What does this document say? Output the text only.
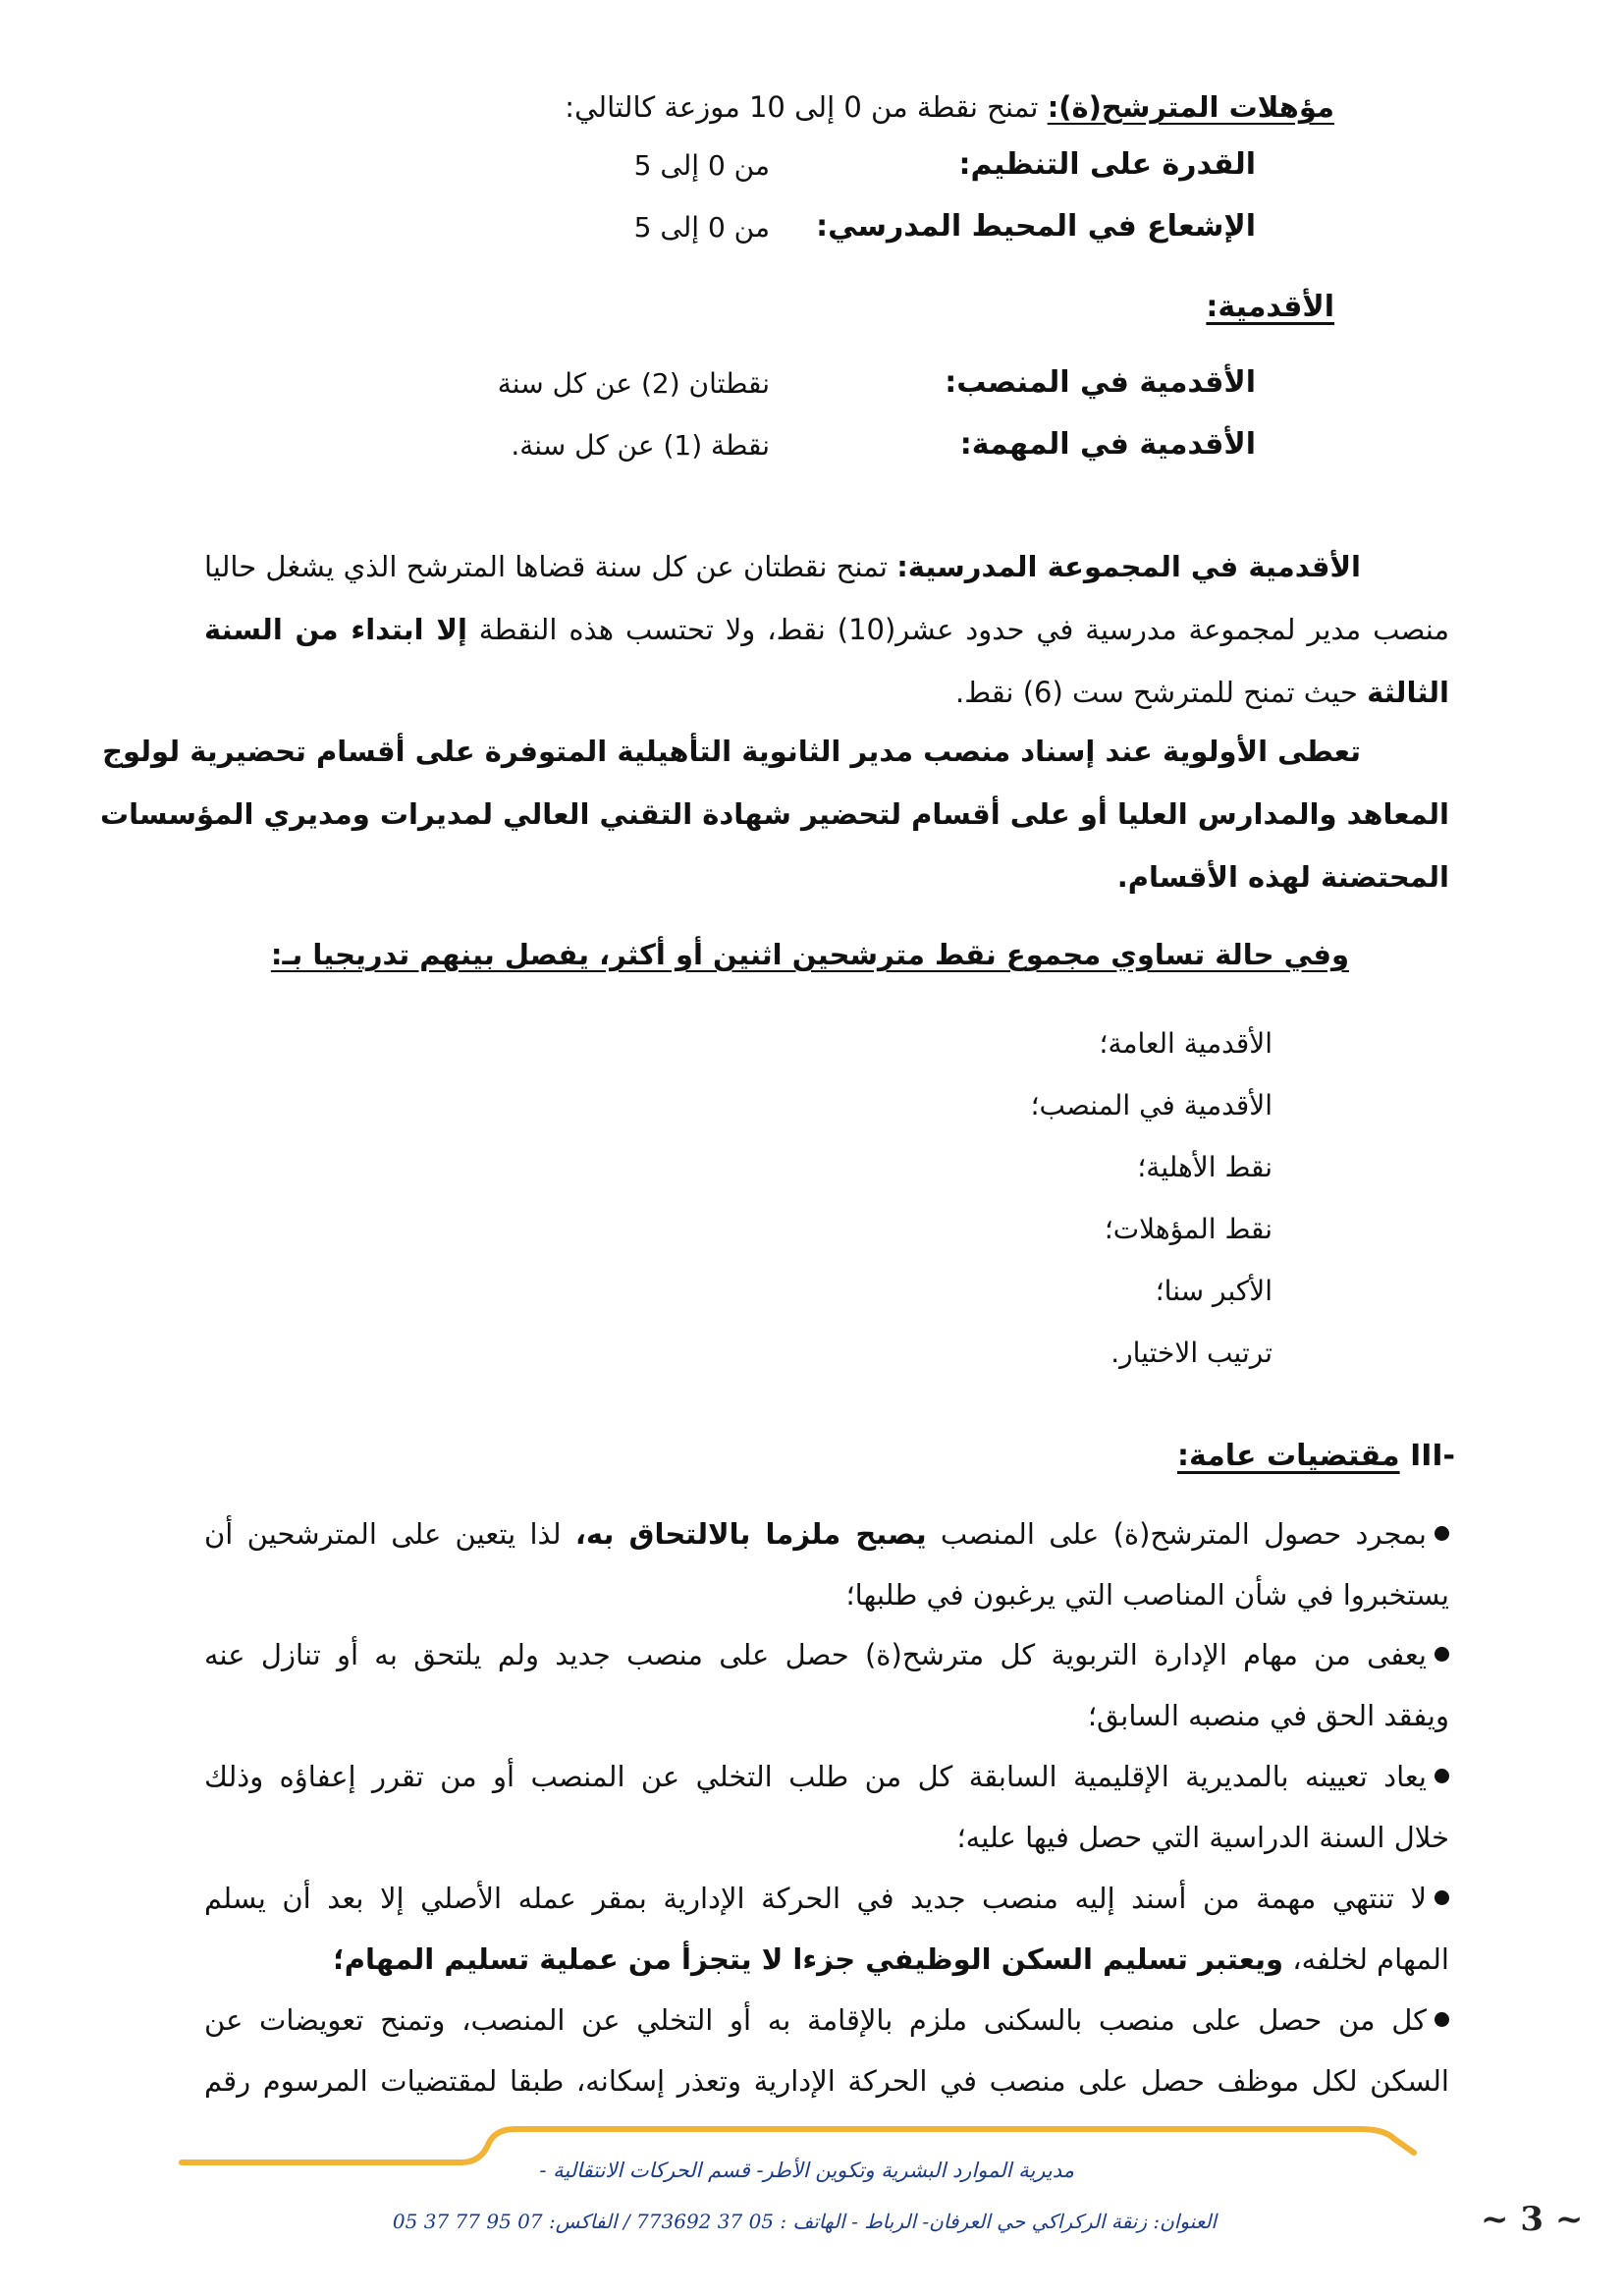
مؤهلات المترشح(ة): تمنح نقطة من 0 إلى 10 موزعة كالتالي:
القدرة على التنظيم:
من 0 إلى 5
الإشعاع في المحيط المدرسي:
من 0 إلى 5
الأقدمية:
الأقدمية في المنصب:
نقطتان (2) عن كل سنة
الأقدمية في المهمة:
نقطة (1) عن كل سنة.
الأقدمية في المجموعة المدرسية: تمنح نقطتان عن كل سنة قضاها المترشح الذي يشغل حاليا
منصب مدير لمجموعة مدرسية في حدود عشر(10) نقط، ولا تحتسب هذه النقطة إلا ابتداء من السنة
الثالثة حيث تمنح للمترشح ست (6) نقط.
تعطى الأولوية عند إسناد منصب مدير الثانوية التأهيلية المتوفرة على أقسام تحضيرية لولوج
المعاهد والمدارس العليا أو على أقسام لتحضير شهادة التقني العالي لمديرات ومديري المؤسسات
المحتضنة لهذه الأقسام.
وفي حالة تساوي مجموع نقط مترشحين اثنين أو أكثر، يفصل بينهم تدريجيا بـ:
الأقدمية العامة؛
الأقدمية في المنصب؛
نقط الأهلية؛
نقط المؤهلات؛
الأكبر سنا؛
ترتيب الاختيار.
III- مقتضيات عامة:
بمجرد حصول المترشح(ة) على المنصب يصبح ملزما بالالتحاق به، لذا يتعين على المترشحين أن
يستخبروا في شأن المناصب التي يرغبون في طلبها؛
يعفى من مهام الإدارة التربوية كل مترشح(ة) حصل على منصب جديد ولم يلتحق به أو تنازل عنه
ويفقد الحق في منصبه السابق؛
يعاد تعيينه بالمديرية الإقليمية السابقة كل من طلب التخلي عن المنصب أو من تقرر إعفاؤه وذلك
خلال السنة الدراسية التي حصل فيها عليه؛
لا تنتهي مهمة من أسند إليه منصب جديد في الحركة الإدارية بمقر عمله الأصلي إلا بعد أن يسلم
المهام لخلفه، ويعتبر تسليم السكن الوظيفي جزءا لا يتجزأ من عملية تسليم المهام؛
كل من حصل على منصب بالسكنى ملزم بالإقامة به أو التخلي عن المنصب، وتمنح تعويضات عن
السكن لكل موظف حصل على منصب في الحركة الإدارية وتعذر إسكانه، طبقا لمقتضيات المرسوم رقم
مديرية الموارد البشرية وتكوين الأطر- قسم الحركات الانتقالية -
العنوان: زنقة الركراكي حي العرفان- الرباط - الهاتف : 05 37 773692 / الفاكس: 07 95 77 37 05	~ 3 ~
